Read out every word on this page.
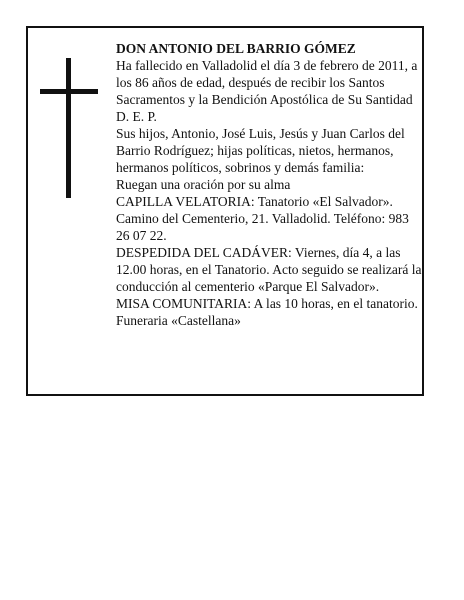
DON ANTONIO DEL BARRIO GÓMEZ

Ha fallecido en Valladolid el día 3 de febrero de 2011, a los 86 años de edad, después de recibir los Santos Sacramentos y la Bendición Apostólica de Su Santidad D. E. P.

Sus hijos, Antonio, José Luis, Jesús y Juan Carlos del Barrio Rodríguez; hijas políticas, nietos, hermanos, hermanos políticos, sobrinos y demás familia:

Ruegan una oración por su alma

CAPILLA VELATORIA: Tanatorio «El Salvador». Camino del Cementerio, 21. Valladolid. Teléfono: 983 26 07 22.

DESPEDIDA DEL CADÁVER: Viernes, día 4, a las 12.00 horas, en el Tanatorio. Acto seguido se realizará la conducción al cementerio «Parque El Salvador».

MISA COMUNITARIA: A las 10 horas, en el tanatorio.

Funeraria «Castellana»
